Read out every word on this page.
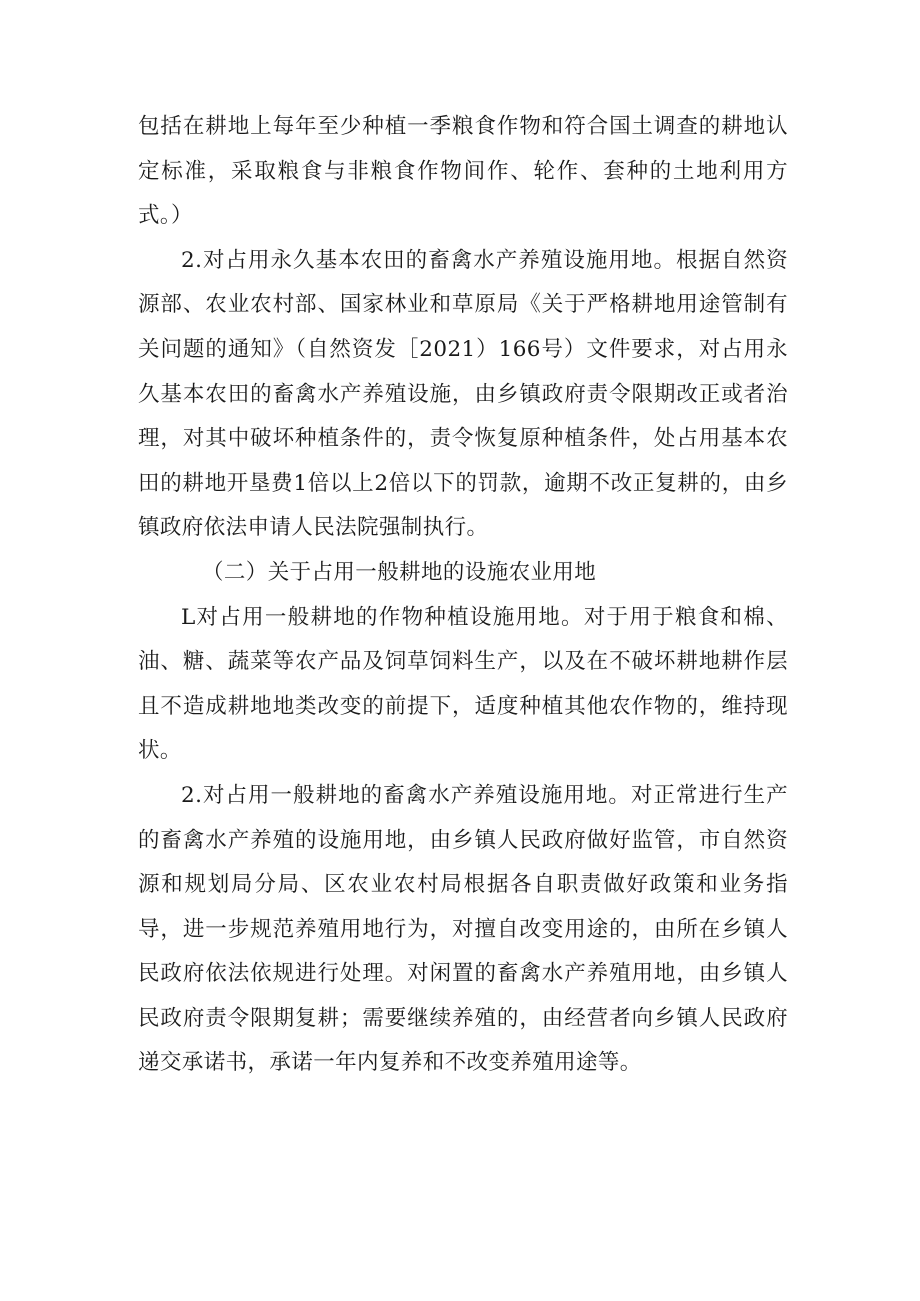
包括在耕地上每年至少种植一季粮食作物和符合国土调查的耕地认定标准，采取粮食与非粮食作物间作、轮作、套种的土地利用方式。）

2.对占用永久基本农田的畜禽水产养殖设施用地。根据自然资源部、农业农村部、国家林业和草原局《关于严格耕地用途管制有关问题的通知》（自然资发［2021）166号）文件要求，对占用永久基本农田的畜禽水产养殖设施，由乡镇政府责令限期改正或者治理，对其中破坏种植条件的，责令恢复原种植条件，处占用基本农田的耕地开垦费1倍以上2倍以下的罚款，逾期不改正复耕的，由乡镇政府依法申请人民法院强制执行。

（二）关于占用一般耕地的设施农业用地

L对占用一般耕地的作物种植设施用地。对于用于粮食和棉、油、糖、蔬菜等农产品及饲草饲料生产，以及在不破坏耕地耕作层且不造成耕地地类改变的前提下，适度种植其他农作物的，维持现状。

2.对占用一般耕地的畜禽水产养殖设施用地。对正常进行生产的畜禽水产养殖的设施用地，由乡镇人民政府做好监管，市自然资源和规划局分局、区农业农村局根据各自职责做好政策和业务指导，进一步规范养殖用地行为，对擅自改变用途的，由所在乡镇人民政府依法依规进行处理。对闲置的畜禽水产养殖用地，由乡镇人民政府责令限期复耕；需要继续养殖的，由经营者向乡镇人民政府递交承诺书，承诺一年内复养和不改变养殖用途等。
